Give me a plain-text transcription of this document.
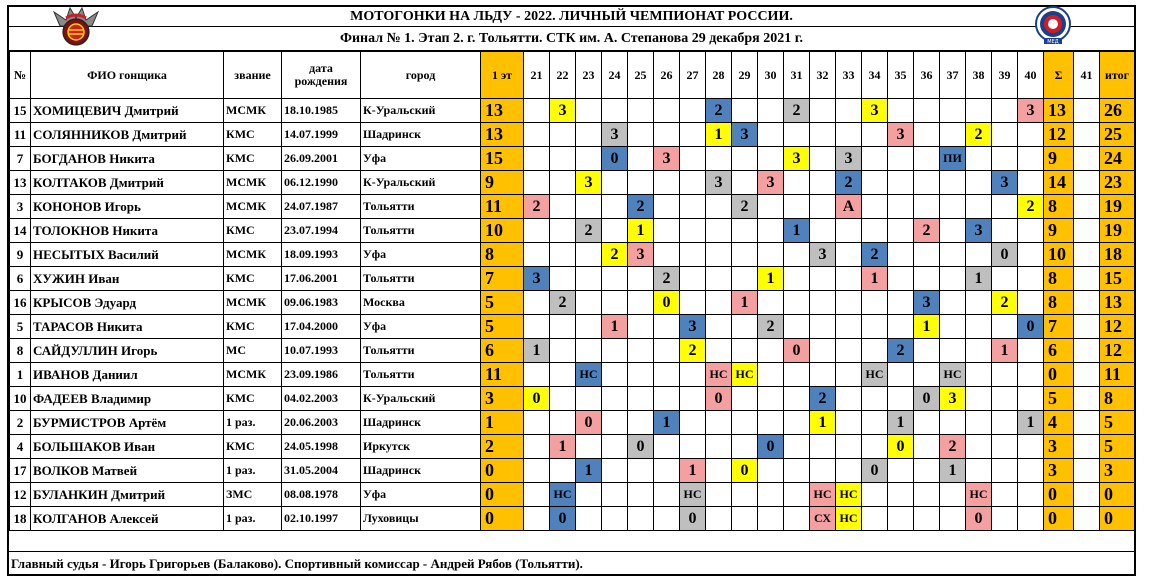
МОТОГОНКИ НА ЛЬДУ - 2022. ЛИЧНЫЙ ЧЕМПИОНАТ РОССИИ.
Финал № 1. Этап 2. г. Тольятти. СТК им. А. Степанова 29 декабря 2021 г.	МЕД
№	ФИО гонщика	звание	дата
рождения	город	1 эт	21	22	23	24	25	26	27	28	29	30	31	32	33	34	35	36	37	38	39	40	Σ	41	итог
15	ХОМИЦЕВИЧ Дмитрий	МСМК	18.10.1985	К-Уральский	13		3						2			2			3						3	13		26
11	СОЛЯННИКОВ Дмитрий	КМС	14.07.1999	Шадринск	13				3				1	3						3			2			12		25
7	БОГДАНОВ Никита	КМС	26.09.2001	Уфа	15				0		3					3		3				ПИ				9		24
13	КОЛТАКОВ Дмитрий	МСМК	06.12.1990	К-Уральский	9			3					3		3			2						3		14		23
3	КОНОНОВ Игорь	МСМК	24.07.1987	Тольятти	11	2				2				2				А							2	8		19
14	ТОЛОКНОВ Никита	КМС	23.07.1994	Тольятти	10			2		1						1					2		3			9		19
9	НЕСЫТЫХ Василий	МСМК	18.09.1993	Уфа	8				2	3							3		2					0		10		18
6	ХУЖИН Иван	КМС	17.06.2001	Тольятти	7	3					2				1				1				1			8		15
16	КРЫСОВ Эдуард	МСМК	09.06.1983	Москва	5		2				0			1							3			2		8		13
5	ТАРАСОВ Никита	КМС	17.04.2000	Уфа	5				1			3			2						1				0	7		12
8	САЙДУЛЛИН Игорь	МС	10.07.1993	Тольятти	6	1						2				0				2				1		6		12
1	ИВАНОВ Даниил	МСМК	23.09.1986	Тольятти	11			НС					НС	НС					НС			НС				0		11
10	ФАДЕЕВ Владимир	КМС	04.02.2003	К-Уральский	3	0							0				2				0	3				5		8
2	БУРМИСТРОВ Артём	1 раз.	20.06.2003	Шадринск	1			0			1						1			1					1	4		5
4	БОЛЬШАКОВ Иван	КМС	24.05.1998	Иркутск	2		1			0					0					0		2				3		5
17	ВОЛКОВ Матвей	1 раз.	31.05.2004	Шадринск	0			1				1		0					0			1				3		3
12	БУЛАНКИН Дмитрий	ЗМС	08.08.1978	Уфа	0		НС					НС					НС	НС					НС			0		0
18	КОЛГАНОВ Алексей	1 раз.	02.10.1997	Луховицы	0		0					0					СХ	НС					0			0		0
Главный судья - Игорь Григорьев (Балаково). Спортивный комиссар - Андрей Рябов (Тольятти).
